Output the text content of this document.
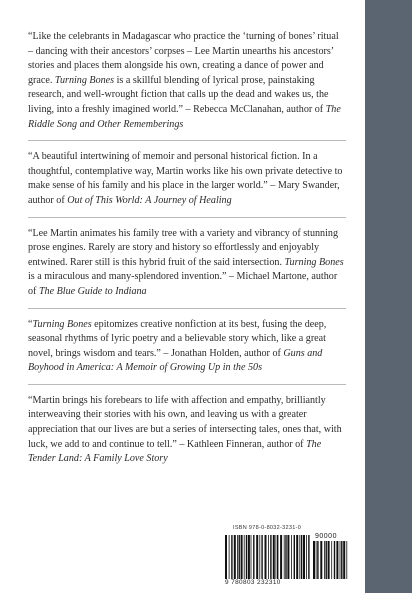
“Like the celebrants in Madagascar who practice the ‘turning of bones’ ritual – dancing with their ancestors’ corpses – Lee Martin unearths his ancestors’ stories and places them alongside his own, creating a dance of power and grace. Turning Bones is a skillful blending of lyrical prose, painstaking research, and well-wrought fiction that calls up the dead and wakes us, the living, into a freshly imagined world.” – Rebecca McClanahan, author of The Riddle Song and Other Rememberings

“A beautiful intertwining of memoir and personal historical fiction. In a thoughtful, contemplative way, Martin works like his own private detective to make sense of his family and his place in the larger world.” – Mary Swander, author of Out of This World: A Journey of Healing

“Lee Martin animates his family tree with a variety and vibrancy of stunning prose engines. Rarely are story and history so effortlessly and enjoyably entwined. Rarer still is this hybrid fruit of the said intersection. Turning Bones is a miraculous and many-splendored invention.” – Michael Martone, author of The Blue Guide to Indiana

“Turning Bones epitomizes creative nonfiction at its best, fusing the deep, seasonal rhythms of lyric poetry and a believable story which, like a great novel, brings wisdom and tears.” – Jonathan Holden, author of Guns and Boyhood in America: A Memoir of Growing Up in the 50s

“Martin brings his forebears to life with affection and empathy, brilliantly interweaving their stories with his own, and leaving us with a greater appreciation that our lives are but a series of intersecting tales, ones that, with luck, we add to and continue to tell.” – Kathleen Finneran, author of The Tender Land: A Family Love Story

ISBN 978-0-8032-3231-0
90000
9 780803 232310
